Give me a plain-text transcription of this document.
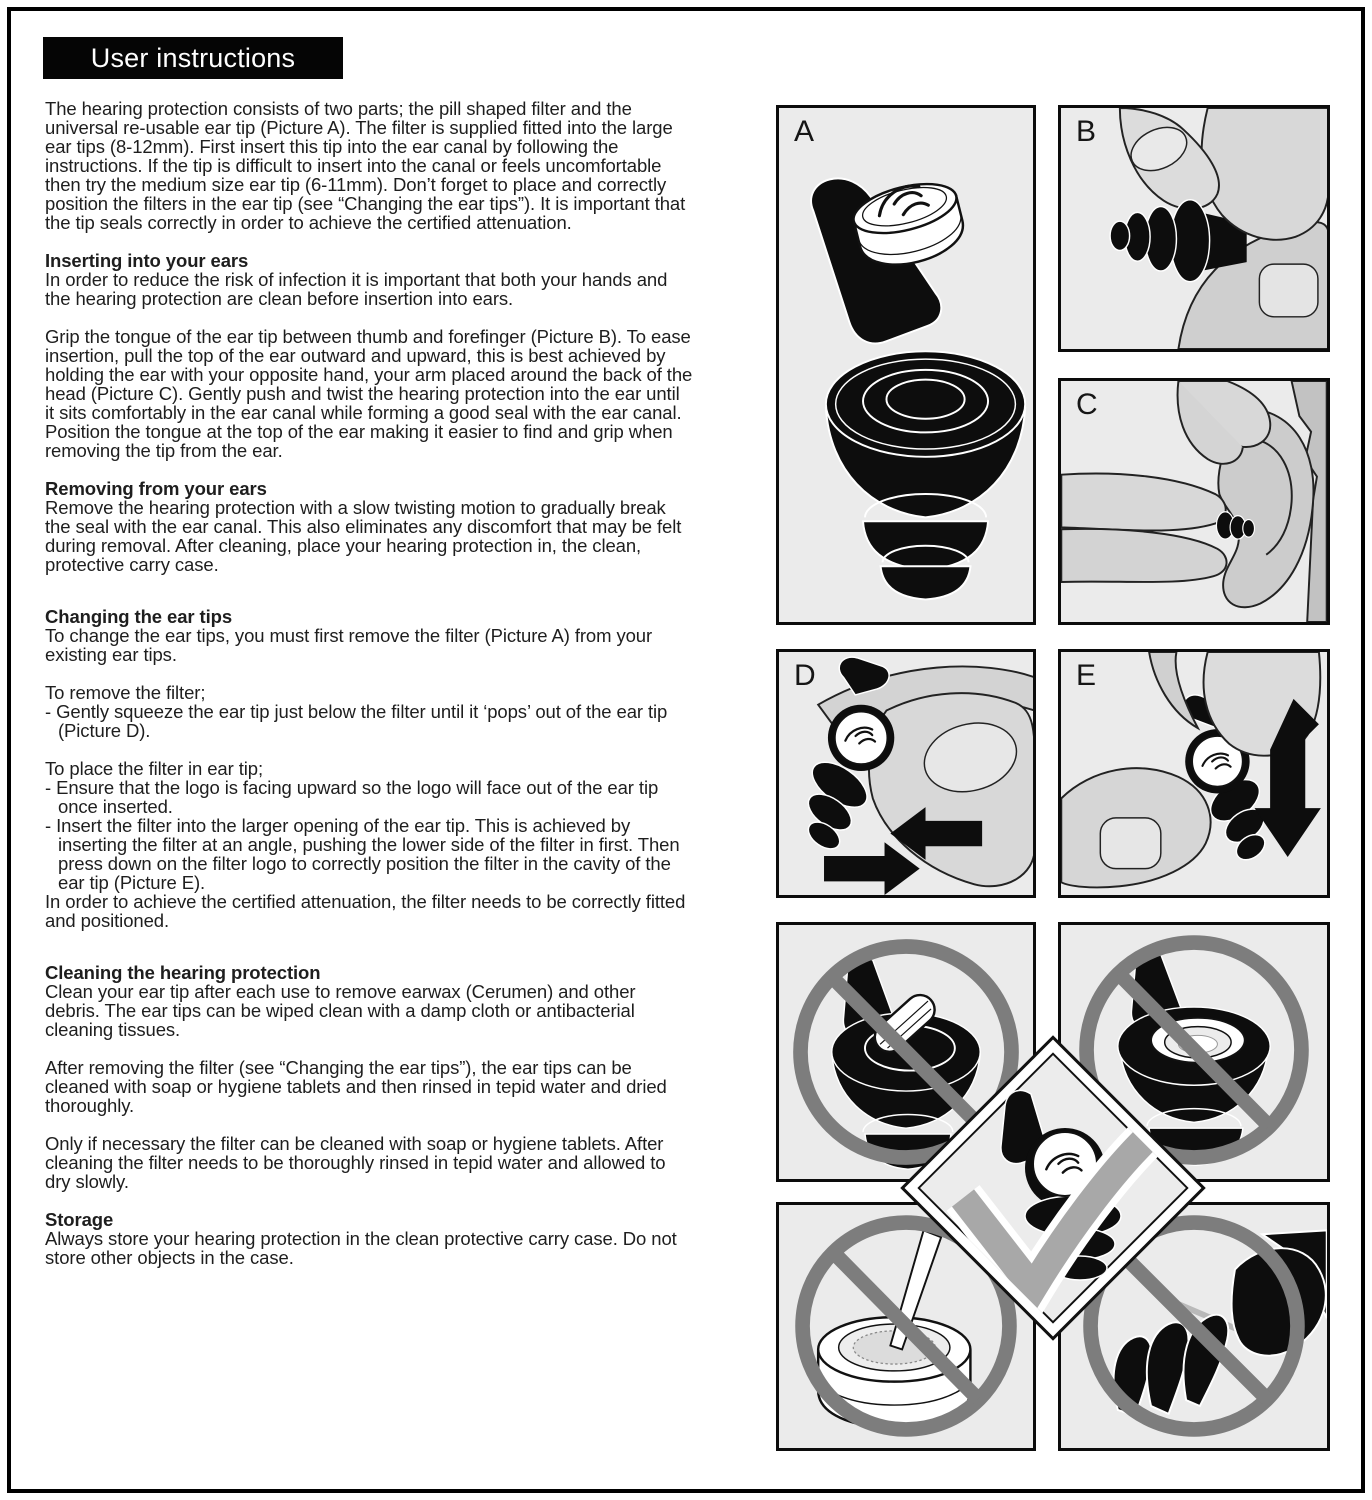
User instructions
The hearing protection consists of two parts; the pill shaped filter and the universal re-usable ear tip (Picture A). The filter is supplied fitted into the large ear tips (8-12mm). First insert this tip into the ear canal by following the instructions. If the tip is difficult to insert into the canal or feels uncomfortable then try the medium size ear tip (6-11mm). Don’t forget to place and correctly position the filters in the ear tip (see “Changing the ear tips”). It is important that the tip seals correctly in order to achieve the certified attenuation.
Inserting into your ears
In order to reduce the risk of infection it is important that both your hands and the hearing protection are clean before insertion into ears.
Grip the tongue of the ear tip between thumb and forefinger (Picture B). To ease insertion, pull the top of the ear outward and upward, this is best achieved by holding the ear with your opposite hand, your arm placed around the back of the head (Picture C). Gently push and twist the hearing protection into the ear until it sits comfortably in the ear canal while forming a good seal with the ear canal. Position the tongue at the top of the ear making it easier to find and grip when removing the tip from the ear.
Removing from your ears
Remove the hearing protection with a slow twisting motion to gradually break the seal with the ear canal. This also eliminates any discomfort that may be felt during removal. After cleaning, place your hearing protection in, the clean, protective carry case.
Changing the ear tips
To change the ear tips, you must first remove the filter (Picture A) from your existing ear tips.
To remove the filter;
- Gently squeeze the ear tip just below the filter until it ‘pops’ out of the ear tip (Picture D).
To place the filter in ear tip;
- Ensure that the logo is facing upward so the logo will face out of the ear tip once inserted.
- Insert the filter into the larger opening of the ear tip. This is achieved by inserting the filter at an angle, pushing the lower side of the filter in first. Then press down on the filter logo to correctly position the filter in the cavity of the ear tip (Picture E).
In order to achieve the certified attenuation, the filter needs to be correctly fitted and positioned.
Cleaning the hearing protection
Clean your ear tip after each use to remove earwax (Cerumen) and other debris. The ear tips can be wiped clean with a damp cloth or antibacterial cleaning tissues.
After removing the filter (see “Changing the ear tips”), the ear tips can be cleaned with soap or hygiene tablets and then rinsed in tepid water and dried thoroughly.
Only if necessary the filter can be cleaned with soap or hygiene tablets. After cleaning the filter needs to be thoroughly rinsed in tepid water and allowed to dry slowly.
Storage
Always store your hearing protection in the clean protective carry case. Do not store other objects in the case.
A	B
C
D	E
